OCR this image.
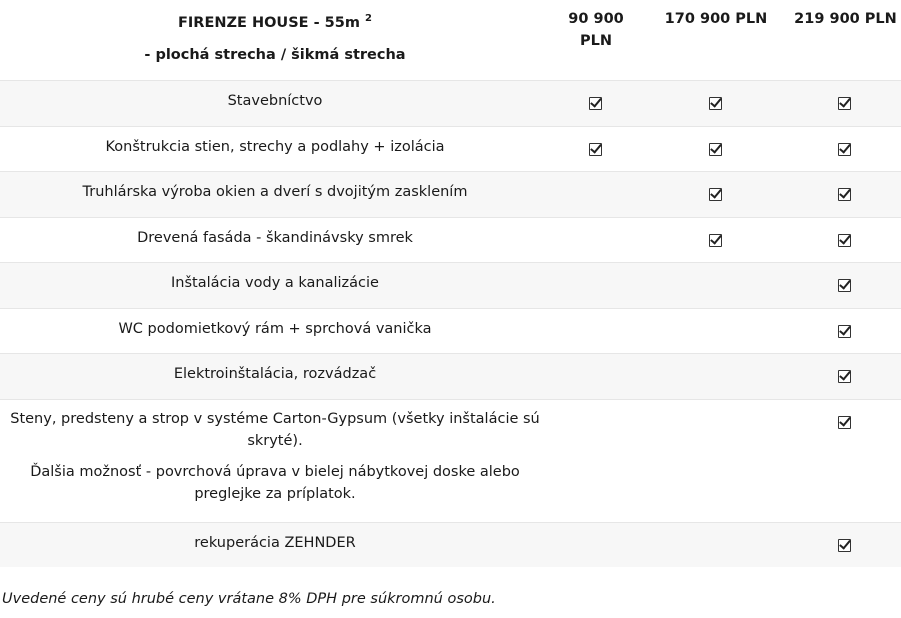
FIRENZE HOUSE - 55m $^2$
- plochá strecha / šikmá strecha
90 900
PLN
170 900 PLN	219 900 PLN
Stavebníctvo
Konštrukcia stien, strechy a podlahy + izolácia
Truhlárska výroba okien a dverí s dvojitým zasklením
Drevená fasáda - škandinávsky smrek
Inštalácia vody a kanalizácie
WC podomietkový rám + sprchová vanička
Elektroinštalácia, rozvádzač
Steny, predsteny a strop v systéme Carton-Gypsum (všetky inštalácie sú skryté).
Ďalšia možnosť - povrchová úprava v bielej nábytkovej doske alebo preglejke za príplatok.
rekuperácia ZEHNDER
Uvedené ceny sú hrubé ceny vrátane 8% DPH pre súkromnú osobu.
